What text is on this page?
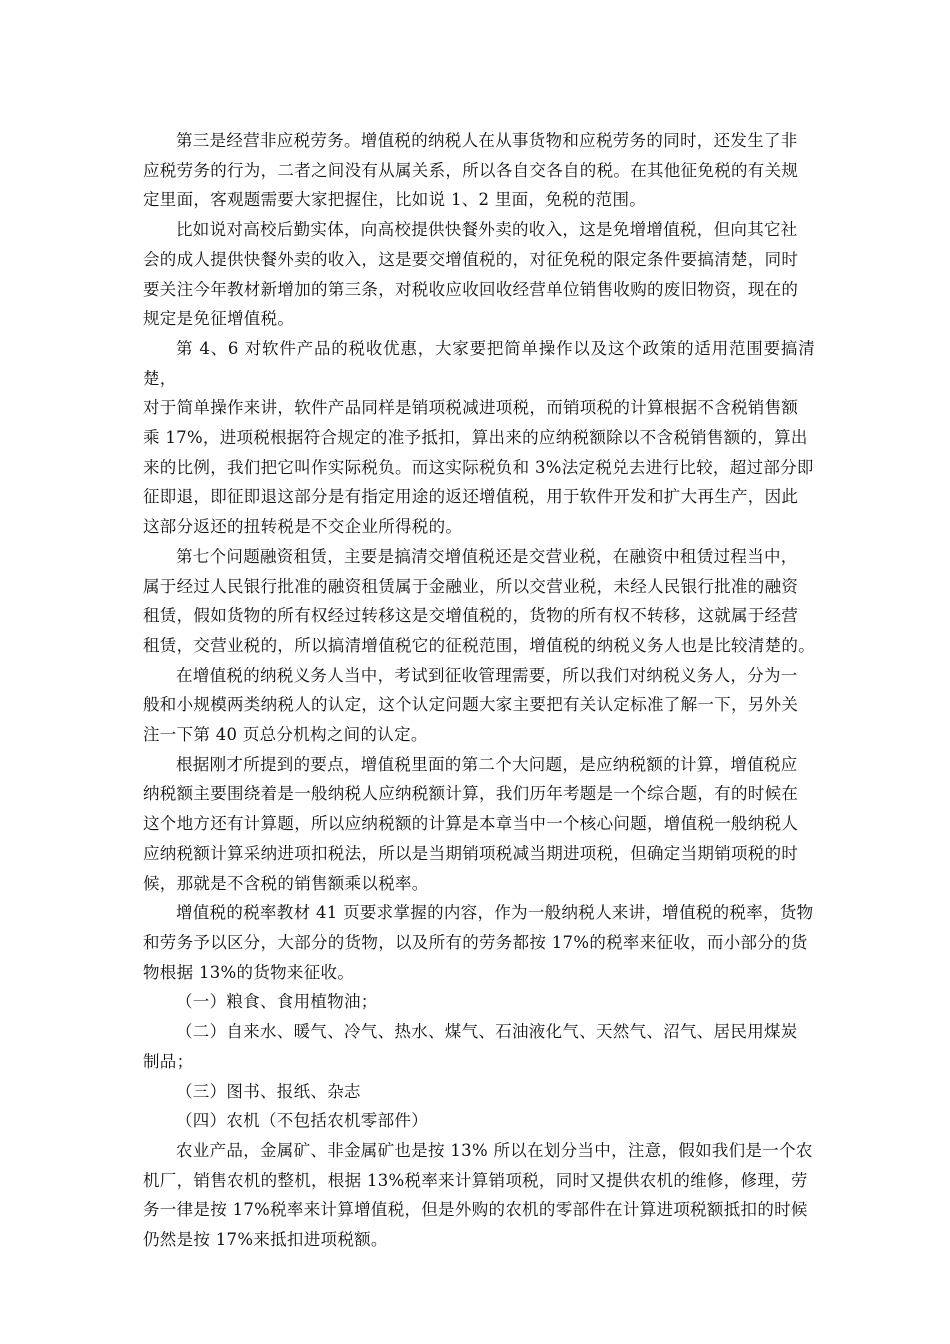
第三是经营非应税劳务。增值税的纳税人在从事货物和应税劳务的同时，还发生了非
应税劳务的行为，二者之间没有从属关系，所以各自交各自的税。在其他征免税的有关规
定里面，客观题需要大家把握住，比如说 1、2 里面，免税的范围。
比如说对高校后勤实体，向高校提供快餐外卖的收入，这是免增增值税，但向其它社
会的成人提供快餐外卖的收入，这是要交增值税的，对征免税的限定条件要搞清楚，同时
要关注今年教材新增加的第三条，对税收应收回收经营单位销售收购的废旧物资，现在的
规定是免征增值税。
第 4、6 对软件产品的税收优惠，大家要把简单操作以及这个政策的适用范围要搞清楚，
对于简单操作来讲，软件产品同样是销项税减进项税，而销项税的计算根据不含税销售额
乘 17%，进项税根据符合规定的准予抵扣，算出来的应纳税额除以不含税销售额的，算出
来的比例，我们把它叫作实际税负。而这实际税负和 3%法定税兑去进行比较，超过部分即
征即退，即征即退这部分是有指定用途的返还增值税，用于软件开发和扩大再生产，因此
这部分返还的扭转税是不交企业所得税的。
第七个问题融资租赁，主要是搞清交增值税还是交营业税，在融资中租赁过程当中，
属于经过人民银行批准的融资租赁属于金融业，所以交营业税，未经人民银行批准的融资
租赁，假如货物的所有权经过转移这是交增值税的，货物的所有权不转移，这就属于经营
租赁，交营业税的，所以搞清增值税它的征税范围，增值税的纳税义务人也是比较清楚的。
在增值税的纳税义务人当中，考试到征收管理需要，所以我们对纳税义务人，分为一
般和小规模两类纳税人的认定，这个认定问题大家主要把有关认定标准了解一下，另外关
注一下第 40 页总分机构之间的认定。
根据刚才所提到的要点，增值税里面的第二个大问题，是应纳税额的计算，增值税应
纳税额主要围绕着是一般纳税人应纳税额计算，我们历年考题是一个综合题，有的时候在
这个地方还有计算题，所以应纳税额的计算是本章当中一个核心问题，增值税一般纳税人
应纳税额计算采纳进项扣税法，所以是当期销项税减当期进项税，但确定当期销项税的时
候，那就是不含税的销售额乘以税率。
增值税的税率教材 41 页要求掌握的内容，作为一般纳税人来讲，增值税的税率，货物
和劳务予以区分，大部分的货物，以及所有的劳务都按 17%的税率来征收，而小部分的货
物根据 13%的货物来征收。
（一）粮食、食用植物油；
（二）自来水、暖气、冷气、热水、煤气、石油液化气、天然气、沼气、居民用煤炭
制品；
（三）图书、报纸、杂志
（四）农机（不包括农机零部件）
农业产品，金属矿、非金属矿也是按 13% 所以在划分当中，注意，假如我们是一个农
机厂，销售农机的整机，根据 13%税率来计算销项税，同时又提供农机的维修，修理，劳
务一律是按 17%税率来计算增值税，但是外购的农机的零部件在计算进项税额抵扣的时候
仍然是按 17%来抵扣进项税额。
